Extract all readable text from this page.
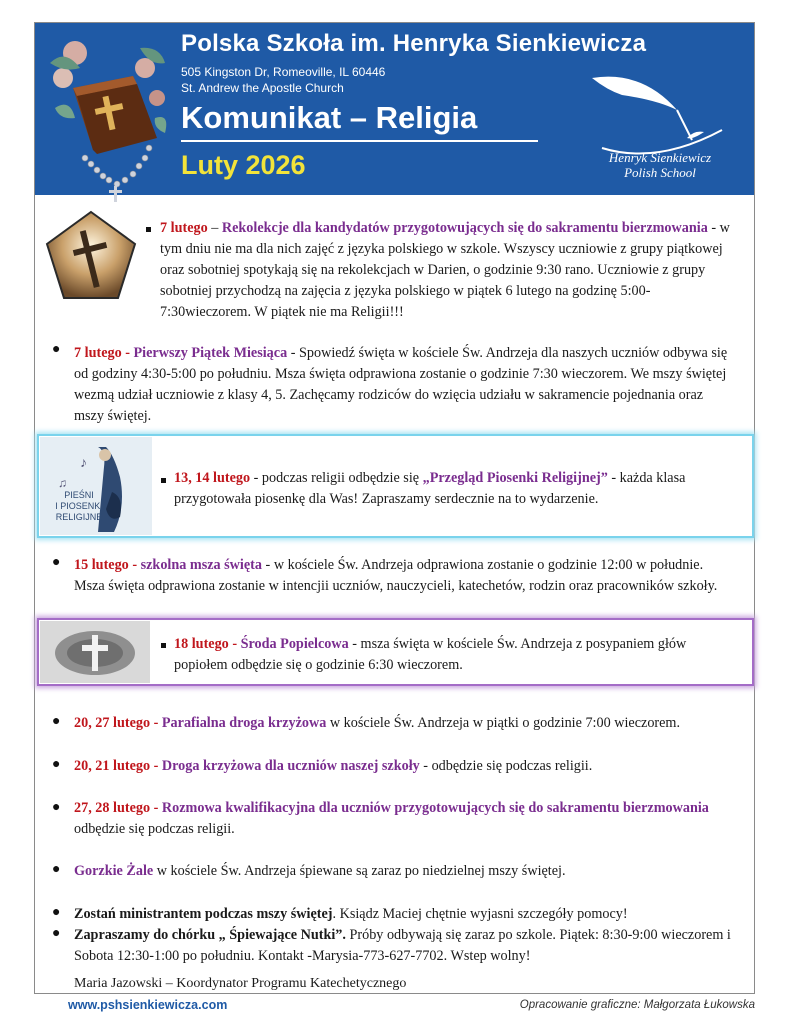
Polska Szkoła im. Henryka Sienkiewicza
505 Kingston Dr, Romeoville, IL 60446
St. Andrew the Apostle Church
Komunikat – Religia
Luty 2026	Henryk Sienkiewicz
Polish School
7 lutego – Rekolekcje dla kandydatów przygotowujących się do sakramentu bierzmowania - w tym dniu nie ma dla nich zajęć z języka polskiego w szkole. Wszyscy uczniowie z grupy piątkowej oraz sobotniej spotykają się na rekolekcjach w Darien, o godzinie 9:30 rano. Uczniowie z grupy sobotniej przychodzą na zajęcia z języka polskiego w piątek 6 lutego na godzinę 5:00-7:30wieczorem. W piątek nie ma Religii!!!
● 7 lutego - Pierwszy Piątek Miesiąca - Spowiedź święta w kościele Św. Andrzeja dla naszych uczniów odbywa się od godziny 4:30-5:00 po południu. Msza święta odprawiona zostanie o godzinie 7:30 wieczorem. We mszy świętej wezmą udział uczniowie z klasy 4, 5. Zachęcamy rodziców do wzięcia udziału w sakramencie pojednania oraz mszy świętej.
♪
♫
PIEŚNI
I PIOSENKI
RELIGIJNE
13, 14 lutego - podczas religii odbędzie się „Przegląd Piosenki Religijnej” - każda klasa przygotowała piosenkę dla Was! Zapraszamy serdecznie na to wydarzenie.
● 15 lutego - szkolna msza święta - w kościele Św. Andrzeja odprawiona zostanie o godzinie 12:00 w południe. Msza święta odprawiona zostanie w intencjii uczniów, nauczycieli, katechetów, rodzin oraz pracowników szkoły.
18 lutego - Środa Popielcowa - msza święta w kościele Św. Andrzeja z posypaniem głów popiołem odbędzie się o godzinie 6:30 wieczorem.
● 20, 27 lutego - Parafialna droga krzyżowa w kościele Św. Andrzeja w piątki o godzinie 7:00 wieczorem.
● 20, 21 lutego - Droga krzyżowa dla uczniów naszej szkoły - odbędzie się podczas religii.
● 27, 28 lutego - Rozmowa kwalifikacyjna dla uczniów przygotowujących się do sakramentu bierzmowania odbędzie się podczas religii.
● Gorzkie Żale w kościele Św. Andrzeja śpiewane są zaraz po niedzielnej mszy świętej.
● Zostań ministrantem podczas mszy świętej. Ksiądz Maciej chętnie wyjasni szczegóły pomocy!
● Zapraszamy do chórku „ Śpiewające Nutki”. Próby odbywają się zaraz po szkole. Piątek: 8:30-9:00 wieczorem i Sobota 12:30-1:00 po południu. Kontakt -Marysia-773-627-7702. Wstep wolny!
Maria Jazowski – Koordynator Programu Katechetycznego
www.pshsienkiewicza.com	Opracowanie graficzne: Małgorzata Łukowska
